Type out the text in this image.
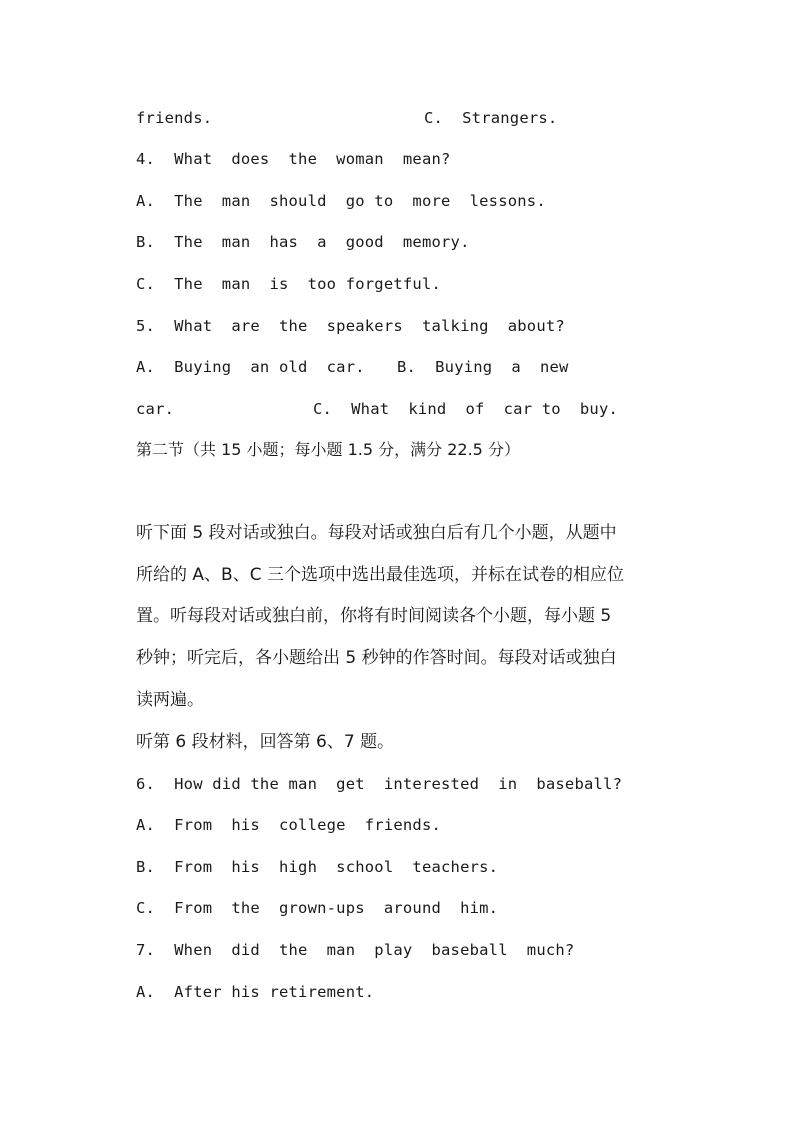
friends.	C.  Strangers.
4.  What  does  the  woman  mean?
A.  The  man  should  go to  more  lessons.
B.  The  man  has  a  good  memory.
C.  The  man  is  too forgetful.
5.  What  are  the  speakers  talking  about?
A.  Buying  an old  car. B.  Buying  a  new
car.	C.  What  kind  of  car to  buy.
第二节（共 15 小题；每小题 1.5 分，满分 22.5 分）
听下面 5 段对话或独白。每段对话或独白后有几个小题，从题中
所给的 A、B、C 三个选项中选出最佳选项，并标在试卷的相应位
置。听每段对话或独白前，你将有时间阅读各个小题，每小题 5
秒钟；听完后，各小题给出 5 秒钟的作答时间。每段对话或独白
读两遍。
听第 6 段材料，回答第 6、7 题。
6.  How did the man  get  interested  in  baseball?
A.  From  his  college  friends.
B.  From  his  high  school  teachers.
C.  From  the  grown-ups  around  him.
7.  When  did  the  man  play  baseball  much?
A.  After his retirement.
